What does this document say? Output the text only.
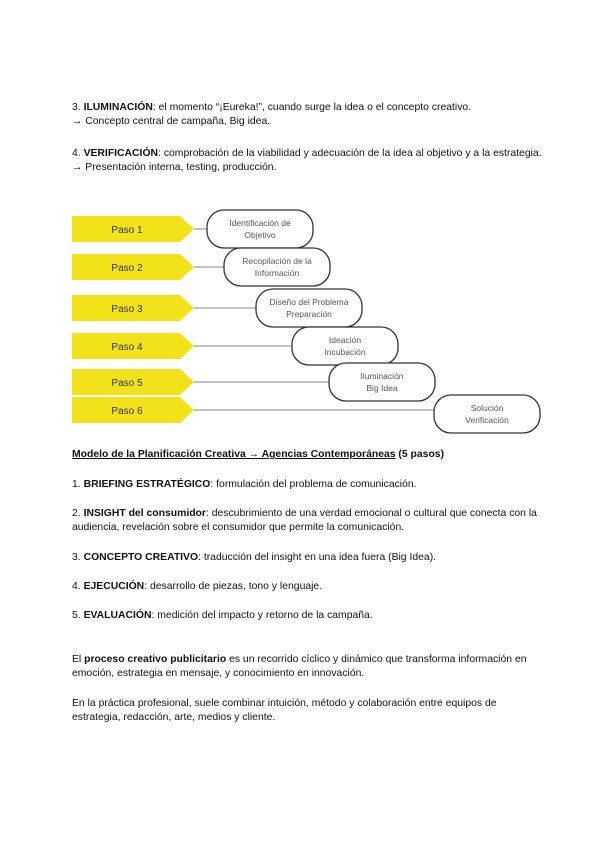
3. ILUMINACIÓN: el momento “¡Eureka!”, cuando surge la idea o el concepto creativo.
→ Concepto central de campaña, Big idea.

4. VERIFICACIÓN: comprobación de la viabilidad y adecuación de la idea al objetivo y a la estrategia.
→ Presentación interna, testing, producción.

Paso 1
Identificación de
Objetivo
Paso 2
Recopilación de la
Información
Paso 3
Diseño del Problema
Preparación
Paso 4
Ideación
Incubación
Paso 5
Iluminación
Big Idea
Paso 6	Solución
Verificación

Modelo de la Planificación Creativa → Agencias Contemporáneas (5 pasos)

1. BRIEFING ESTRATÉGICO: formulación del problema de comunicación.

2. INSIGHT del consumidor: descubrimiento de una verdad emocional o cultural que conecta con la audiencia, revelación sobre el consumidor que permite la comunicación.

3. CONCEPTO CREATIVO: traducción del insight en una idea fuera (Big Idea).

4. EJECUCIÓN: desarrollo de piezas, tono y lenguaje.

5. EVALUACIÓN: medición del impacto y retorno de la campaña.

El proceso creativo publicitario es un recorrido cíclico y dinámico que transforma información en emoción, estrategia en mensaje, y conocimiento en innovación.

En la práctica profesional, suele combinar intuición, método y colaboración entre equipos de estrategia, redacción, arte, medios y cliente.
